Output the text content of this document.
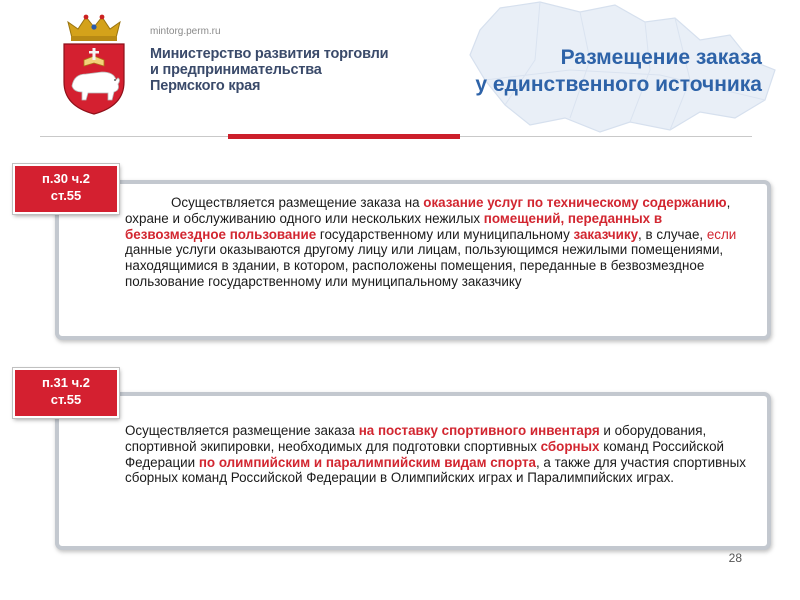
mintorg.perm.ru
Министерство развития торговли
и предпринимательства
Пермского края
Размещение заказа
у единственного источника
п.30 ч.2
ст.55	Осуществляется размещение заказа на оказание услуг по техническому содержанию, охране и обслуживанию одного или нескольких нежилых помещений, переданных в безвозмездное пользование государственному или муниципальному заказчику, в случае, если данные услуги оказываются другому лицу или лицам, пользующимся нежилыми помещениями, находящимися в здании, в котором, расположены помещения, переданные в безвозмездное пользование государственному или муниципальному заказчику
п.31 ч.2
ст.55
Осуществляется размещение заказа на поставку спортивного инвентаря и оборудования, спортивной экипировки, необходимых для подготовки спортивных сборных команд Российской Федерации по олимпийским и паралимпийским видам спорта, а также для участия спортивных сборных команд Российской Федерации в Олимпийских играх и Паралимпийских играх.
28
